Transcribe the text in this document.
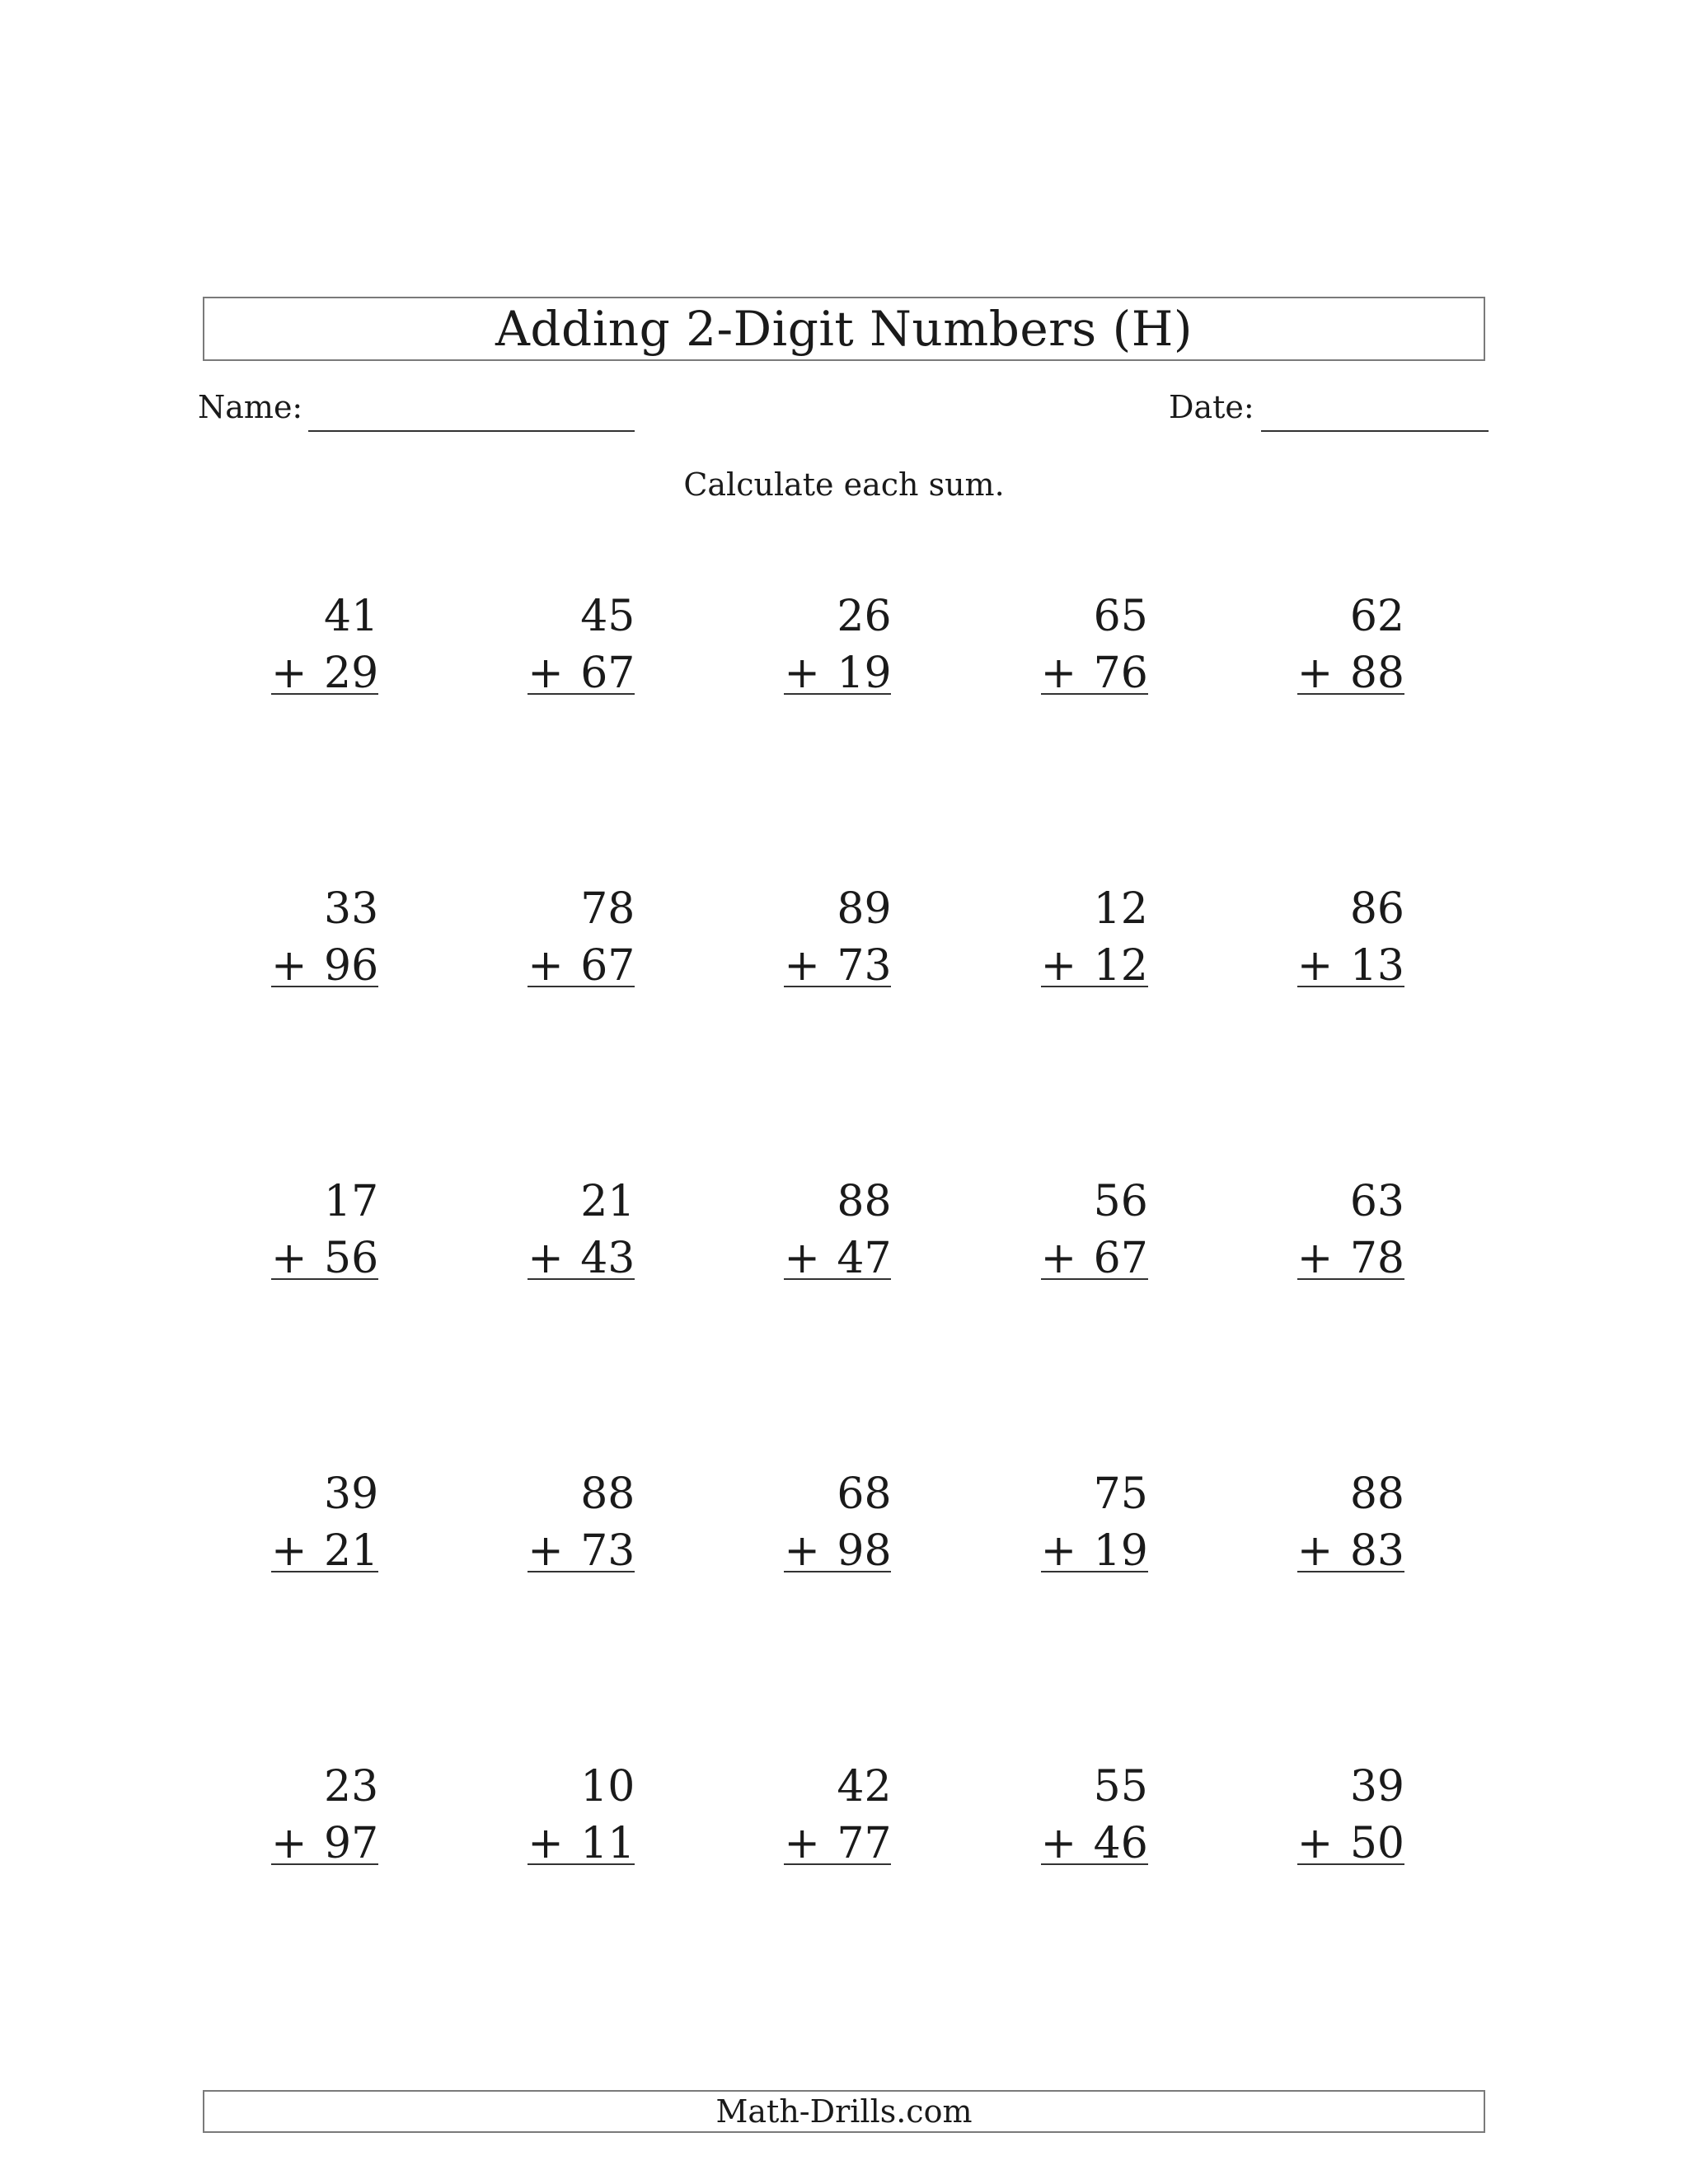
Adding 2-Digit Numbers (H)
Name:	Date:
Calculate each sum.
41
+ 29
45
+ 67
26
+ 19
65
+ 76
62
+ 88
33
+ 96
78
+ 67
89
+ 73
12
+ 12
86
+ 13
17
+ 56
21
+ 43
88
+ 47
56
+ 67
63
+ 78
39
+ 21
88
+ 73
68
+ 98
75
+ 19
88
+ 83
23
+ 97
10
+ 11
42
+ 77
55
+ 46
39
+ 50
Math-Drills.com
